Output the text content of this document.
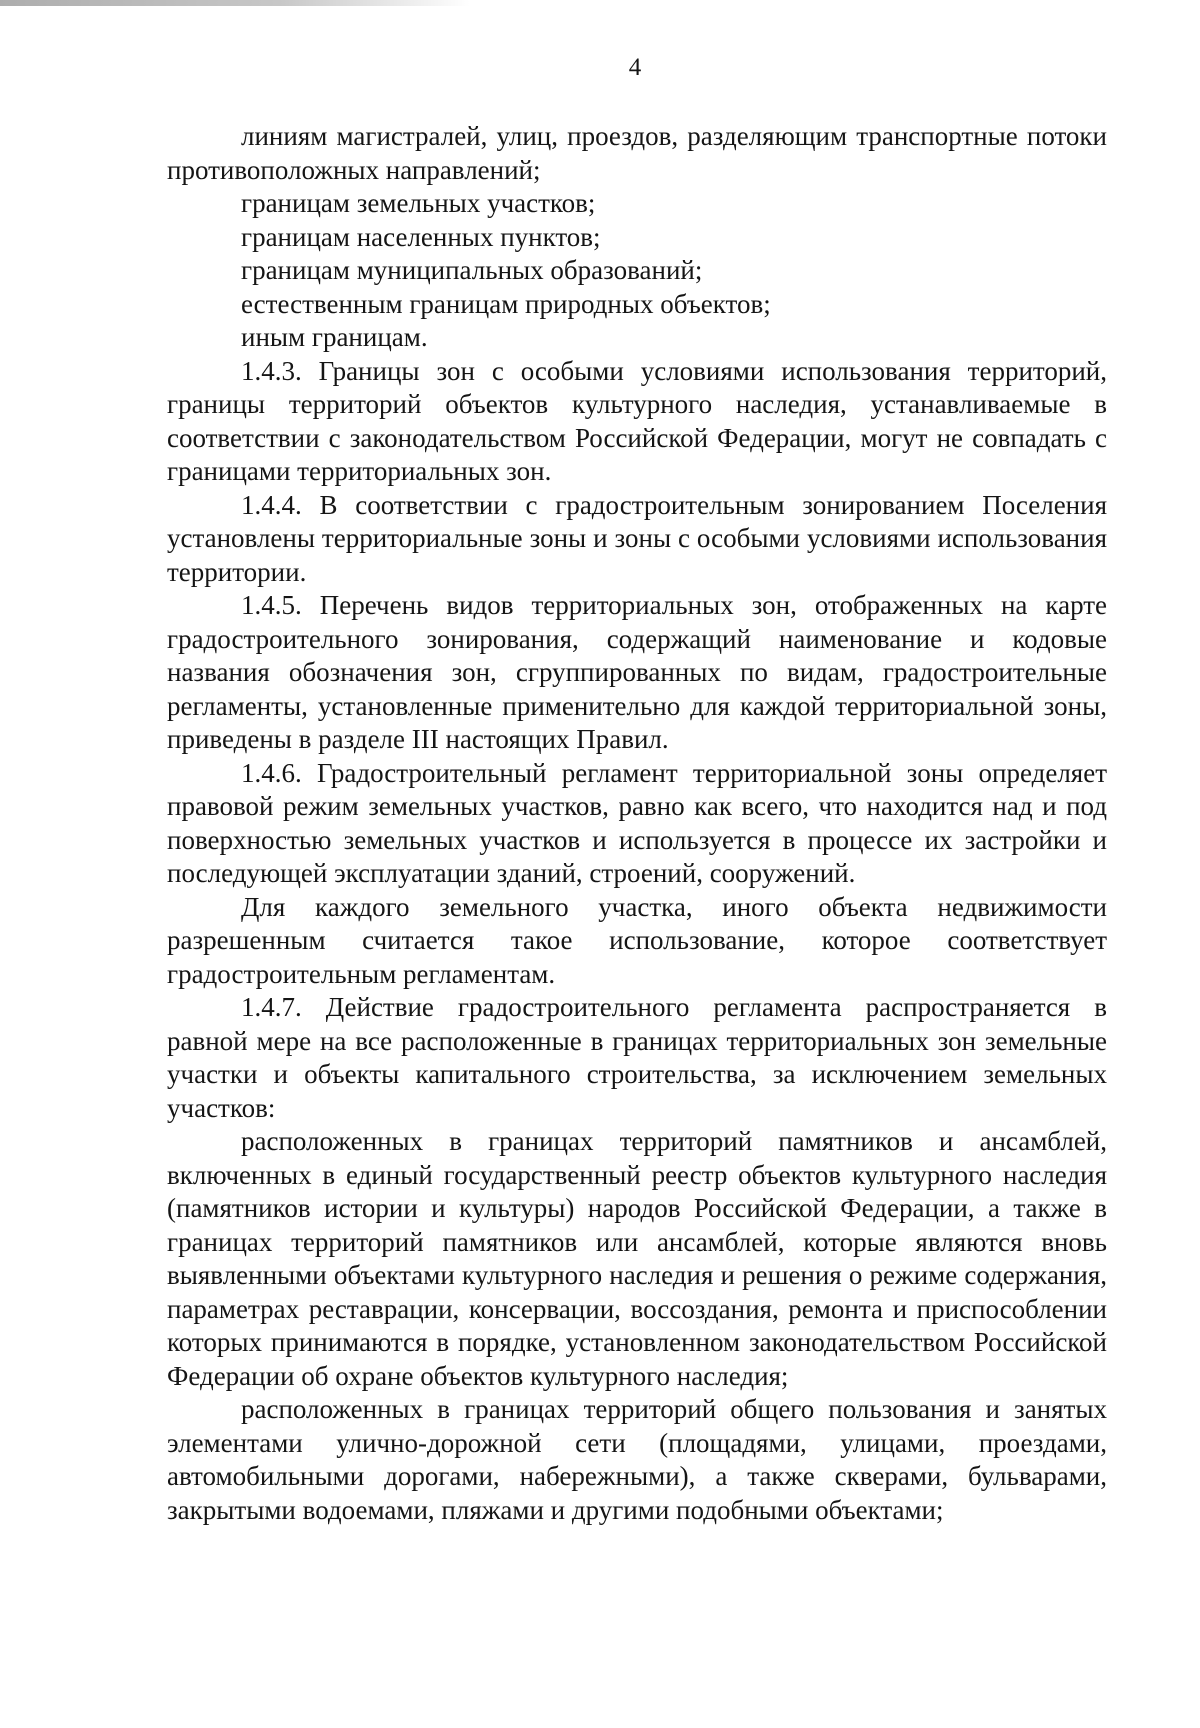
4

линиям магистралей, улиц, проездов, разделяющим транспортные потоки противоположных направлений;

границам земельных участков;

границам населенных пунктов;

границам муниципальных образований;

естественным границам природных объектов;

иным границам.

1.4.3. Границы зон с особыми условиями использования территорий, границы территорий объектов культурного наследия, устанавливаемые в соответствии с законодательством Российской Федерации, могут не совпадать с границами территориальных зон.

1.4.4. В соответствии с градостроительным зонированием Поселения установлены территориальные зоны и зоны с особыми условиями использования территории.

1.4.5. Перечень видов территориальных зон, отображенных на карте градостроительного зонирования, содержащий наименование и кодовые названия обозначения зон, сгруппированных по видам, градостроительные регламенты, установленные применительно для каждой территориальной зоны, приведены в разделе III настоящих Правил.

1.4.6. Градостроительный регламент территориальной зоны определяет правовой режим земельных участков, равно как всего, что находится над и под поверхностью земельных участков и используется в процессе их застройки и последующей эксплуатации зданий, строений, сооружений.

Для каждого земельного участка, иного объекта недвижимости разрешенным считается такое использование, которое соответствует градостроительным регламентам.

1.4.7. Действие градостроительного регламента распространяется в равной мере на все расположенные в границах территориальных зон земельные участки и объекты капитального строительства, за исключением земельных участков:

расположенных в границах территорий памятников и ансамблей, включенных в единый государственный реестр объектов культурного наследия (памятников истории и культуры) народов Российской Федерации, а также в границах территорий памятников или ансамблей, которые являются вновь выявленными объектами культурного наследия и решения о режиме содержания, параметрах реставрации, консервации, воссоздания, ремонта и приспособлении которых принимаются в порядке, установленном законодательством Российской Федерации об охране объектов культурного наследия;

расположенных в границах территорий общего пользования и занятых элементами улично-дорожной сети (площадями, улицами, проездами, автомобильными дорогами, набережными), а также скверами, бульварами, закрытыми водоемами, пляжами и другими подобными объектами;
